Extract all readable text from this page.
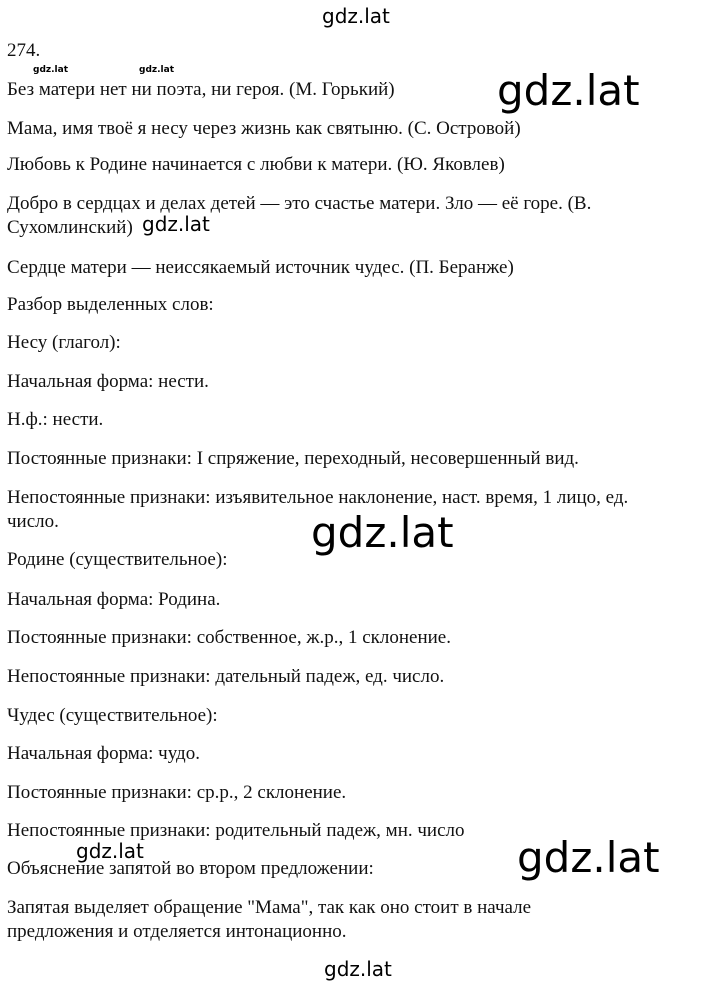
gdz.lat

274.

gdz.lat	gdz.lat

Без матери нет ни поэта, ни героя. (М. Горький) gdz.lat

Мама, имя твоё я несу через жизнь как святыню. (С. Островой)

Любовь к Родине начинается с любви к матери. (Ю. Яковлев)

Добро в сердцах и делах детей — это счастье матери. Зло — её горе. (В.

Сухомлинский) gdz.lat

Сердце матери — неиссякаемый источник чудес. (П. Беранже)

Разбор выделенных слов:

Несу (глагол):

Начальная форма: нести.

Н.ф.: нести.

Постоянные признаки: I спряжение, переходный, несовершенный вид.

Непостоянные признаки: изъявительное наклонение, наст. время, 1 лицо, ед.

число.	gdz.lat

Родине (существительное):

Начальная форма: Родина.

Постоянные признаки: собственное, ж.р., 1 склонение.

Непостоянные признаки: дательный падеж, ед. число.

Чудес (существительное):

Начальная форма: чудо.

Постоянные признаки: ср.р., 2 склонение.

Непостоянные признаки: родительный падеж, мн. число

gdz.lat

Объяснение запятой во втором предложении:	gdz.lat

Запятая выделяет обращение "Мама", так как оно стоит в начале

предложения и отделяется интонационно.

gdz.lat
